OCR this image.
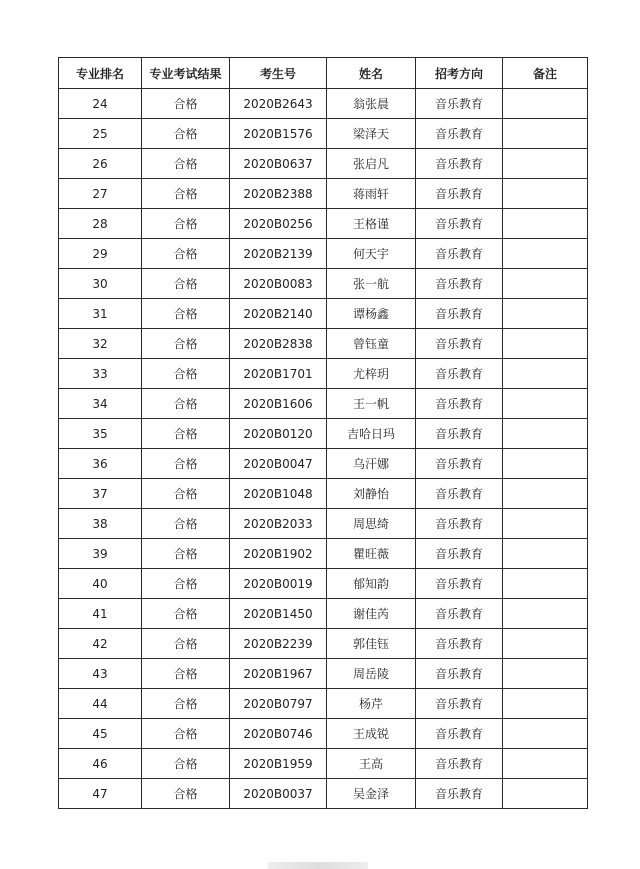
专业排名	专业考试结果	考生号	姓名	招考方向	备注
24	合格	2020B2643	翁张晨	音乐教育	
25	合格	2020B1576	梁泽天	音乐教育	
26	合格	2020B0637	张启凡	音乐教育	
27	合格	2020B2388	蒋雨轩	音乐教育	
28	合格	2020B0256	王格谨	音乐教育	
29	合格	2020B2139	何天宇	音乐教育	
30	合格	2020B0083	张一航	音乐教育	
31	合格	2020B2140	谭杨鑫	音乐教育	
32	合格	2020B2838	曾钰童	音乐教育	
33	合格	2020B1701	尤梓玥	音乐教育	
34	合格	2020B1606	王一帆	音乐教育	
35	合格	2020B0120	吉哈日玛	音乐教育	
36	合格	2020B0047	乌汗娜	音乐教育	
37	合格	2020B1048	刘静怡	音乐教育	
38	合格	2020B2033	周思绮	音乐教育	
39	合格	2020B1902	瞿旺薇	音乐教育	
40	合格	2020B0019	郁知韵	音乐教育	
41	合格	2020B1450	谢佳芮	音乐教育	
42	合格	2020B2239	郭佳钰	音乐教育	
43	合格	2020B1967	周岳陵	音乐教育	
44	合格	2020B0797	杨芹	音乐教育	
45	合格	2020B0746	王成锐	音乐教育	
46	合格	2020B1959	王高	音乐教育	
47	合格	2020B0037	吴金泽	音乐教育	
